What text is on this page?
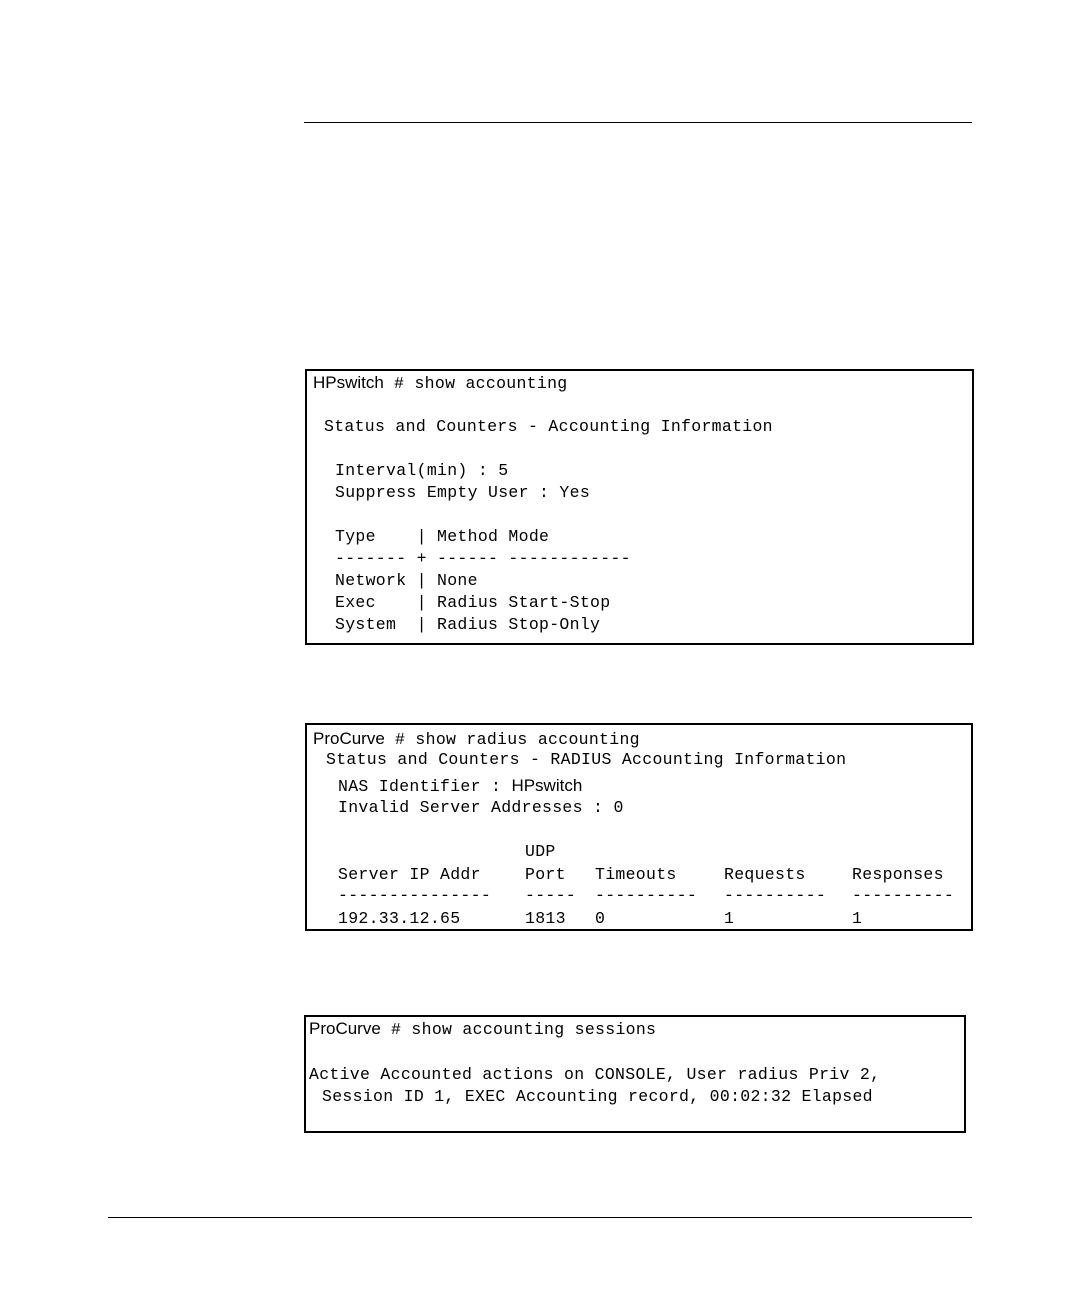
HPswitch # show accounting
Status and Counters - Accounting Information
Interval(min) : 5
Suppress Empty User : Yes
Type    | Method Mode
------- + ------ ------------
Network | None
Exec    | Radius Start-Stop
System  | Radius Stop-Only
ProCurve # show radius accounting
Status and Counters - RADIUS Accounting Information
NAS Identifier : HPswitch
Invalid Server Addresses : 0
UDP
Server IP Addr	Port Timeouts	Requests	Responses
--------------- ----- ---------- ---------- ----------
192.33.12.65	1813 0	1	1
ProCurve # show accounting sessions
Active Accounted actions on CONSOLE, User radius Priv 2,
Session ID 1, EXEC Accounting record, 00:02:32 Elapsed
